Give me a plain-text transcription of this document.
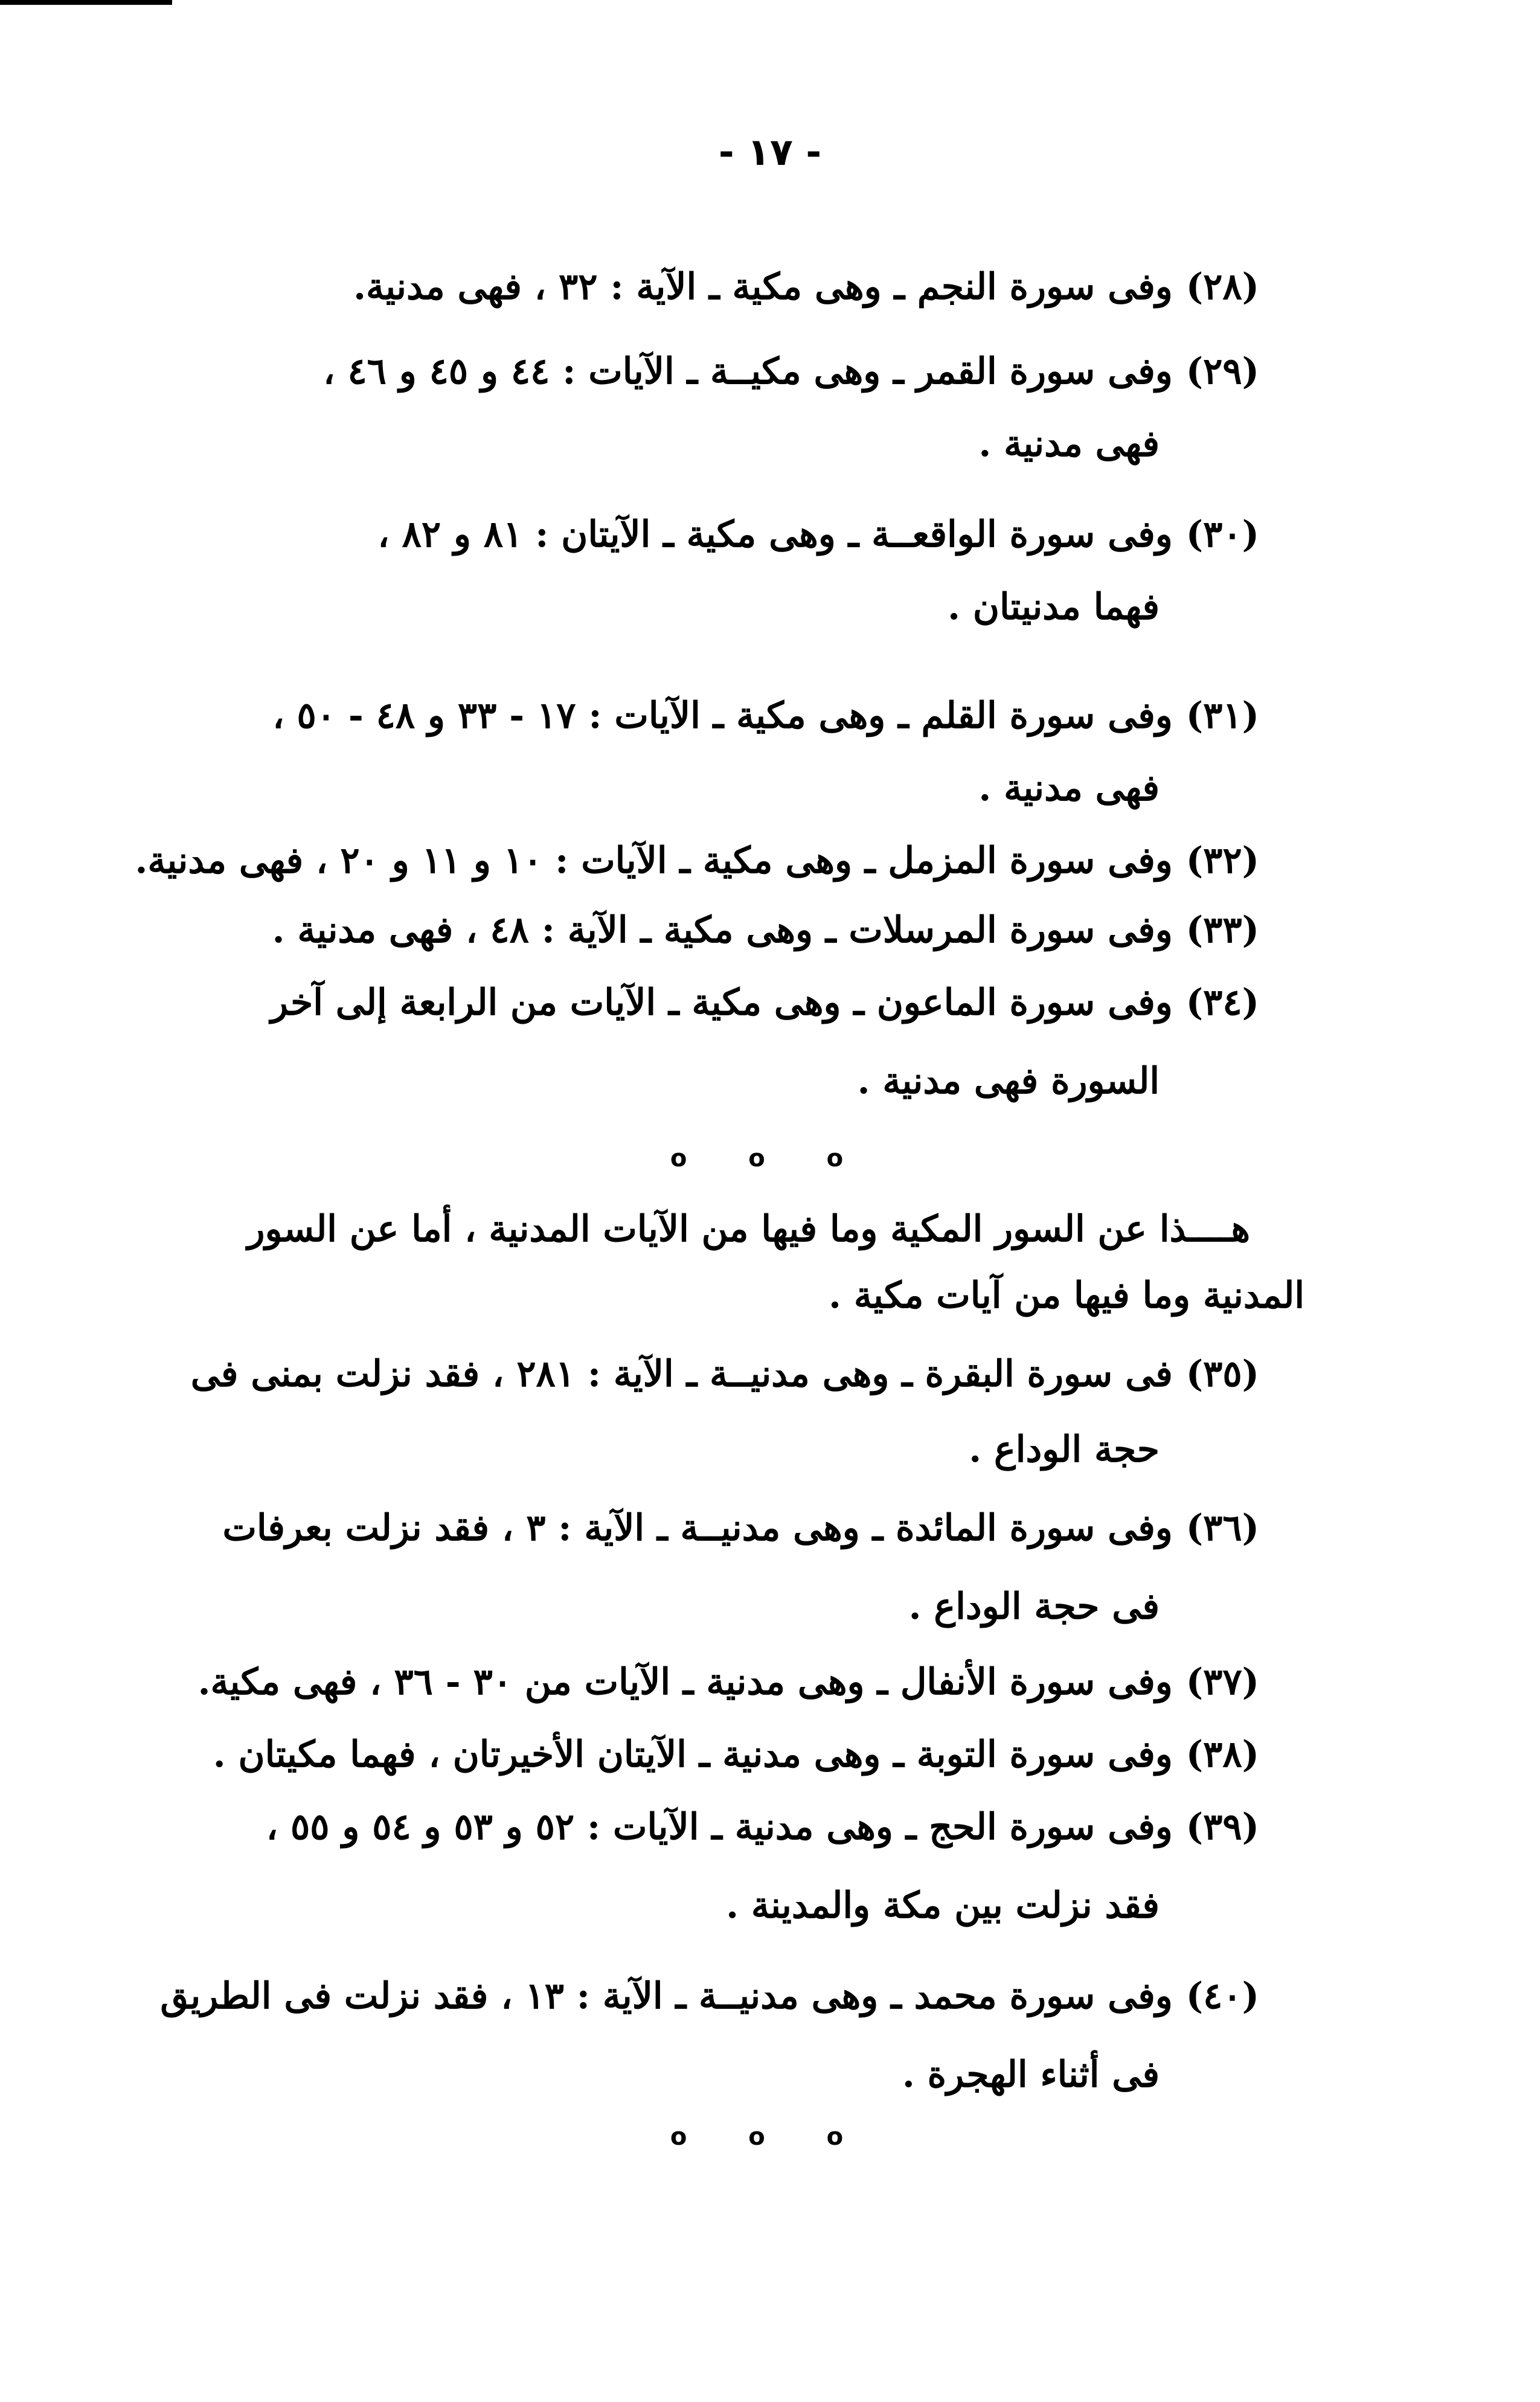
- ١٧ -
(٢٨)وفى سورة النجم ـ وهى مكية ـ الآية : ٣٢ ، فهى مدنية.
(٢٩)وفى سورة القمر ـ وهى مكيــة ـ الآيات : ٤٤ و ٤٥ و ٤٦ ،
فهى مدنية .
(٣٠)وفى سورة الواقعــة ـ وهى مكية ـ الآيتان : ٨١ و ٨٢ ،
فهما مدنيتان .
(٣١)وفى سورة القلم ـ وهى مكية ـ الآيات : ١٧ - ٣٣ و ٤٨ - ٥٠ ،
فهى مدنية .
(٣٢)وفى سورة المزمل ـ وهى مكية ـ الآيات : ١٠ و ١١ و ٢٠ ، فهى مدنية.
(٣٣)وفى سورة المرسلات ـ وهى مكية ـ الآية : ٤٨ ، فهى مدنية .
(٣٤)وفى سورة الماعون ـ وهى مكية ـ الآيات من الرابعة إلى آخر
السورة فهى مدنية .
o o o
هــــذا عن السور المكية وما فيها من الآيات المدنية ، أما عن السور
المدنية وما فيها من آيات مكية .
(٣٥)فى سورة البقرة ـ وهى مدنيــة ـ الآية : ٢٨١ ، فقد نزلت بمنى فى
حجة الوداع .
(٣٦)وفى سورة المائدة ـ وهى مدنيــة ـ الآية : ٣ ، فقد نزلت بعرفات
فى حجة الوداع .
(٣٧)وفى سورة الأنفال ـ وهى مدنية ـ الآيات من ٣٠ - ٣٦ ، فهى مكية.
(٣٨)وفى سورة التوبة ـ وهى مدنية ـ الآيتان الأخيرتان ، فهما مكيتان .
(٣٩)وفى سورة الحج ـ وهى مدنية ـ الآيات : ٥٢ و ٥٣ و ٥٤ و ٥٥ ،
فقد نزلت بين مكة والمدينة .
(٤٠)وفى سورة محمد ـ وهى مدنيــة ـ الآية : ١٣ ، فقد نزلت فى الطريق
فى أثناء الهجرة .
o o o
